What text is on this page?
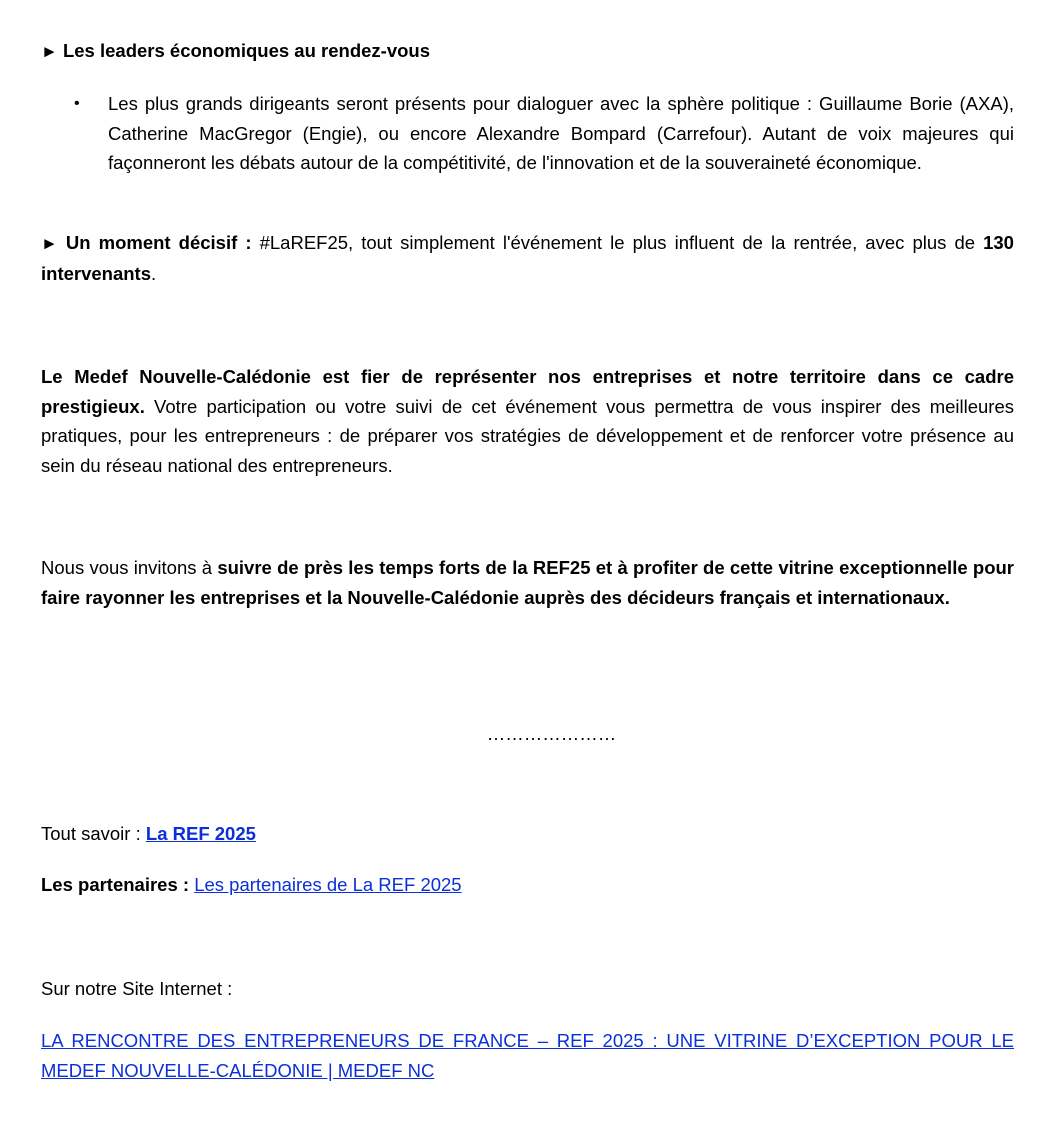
► Les leaders économiques au rendez-vous

• Les plus grands dirigeants seront présents pour dialoguer avec la sphère politique : Guillaume Borie (AXA), Catherine MacGregor (Engie), ou encore Alexandre Bompard (Carrefour). Autant de voix majeures qui façonneront les débats autour de la compétitivité, de l'innovation et de la souveraineté économique.

► Un moment décisif : #LaREF25, tout simplement l'événement le plus influent de la rentrée, avec plus de 130 intervenants.

Le Medef Nouvelle-Calédonie est fier de représenter nos entreprises et notre territoire dans ce cadre prestigieux. Votre participation ou votre suivi de cet événement vous permettra de vous inspirer des meilleures pratiques, pour les entrepreneurs : de préparer vos stratégies de développement et de renforcer votre présence au sein du réseau national des entrepreneurs.

Nous vous invitons à suivre de près les temps forts de la REF25 et à profiter de cette vitrine exceptionnelle pour faire rayonner les entreprises et la Nouvelle-Calédonie auprès des décideurs français et internationaux.

…………………

Tout savoir : La REF 2025

Les partenaires : Les partenaires de La REF 2025

Sur notre Site Internet :

LA RENCONTRE DES ENTREPRENEURS DE FRANCE – REF 2025 : UNE VITRINE D’EXCEPTION POUR LE MEDEF NOUVELLE-CALÉDONIE | MEDEF NC
